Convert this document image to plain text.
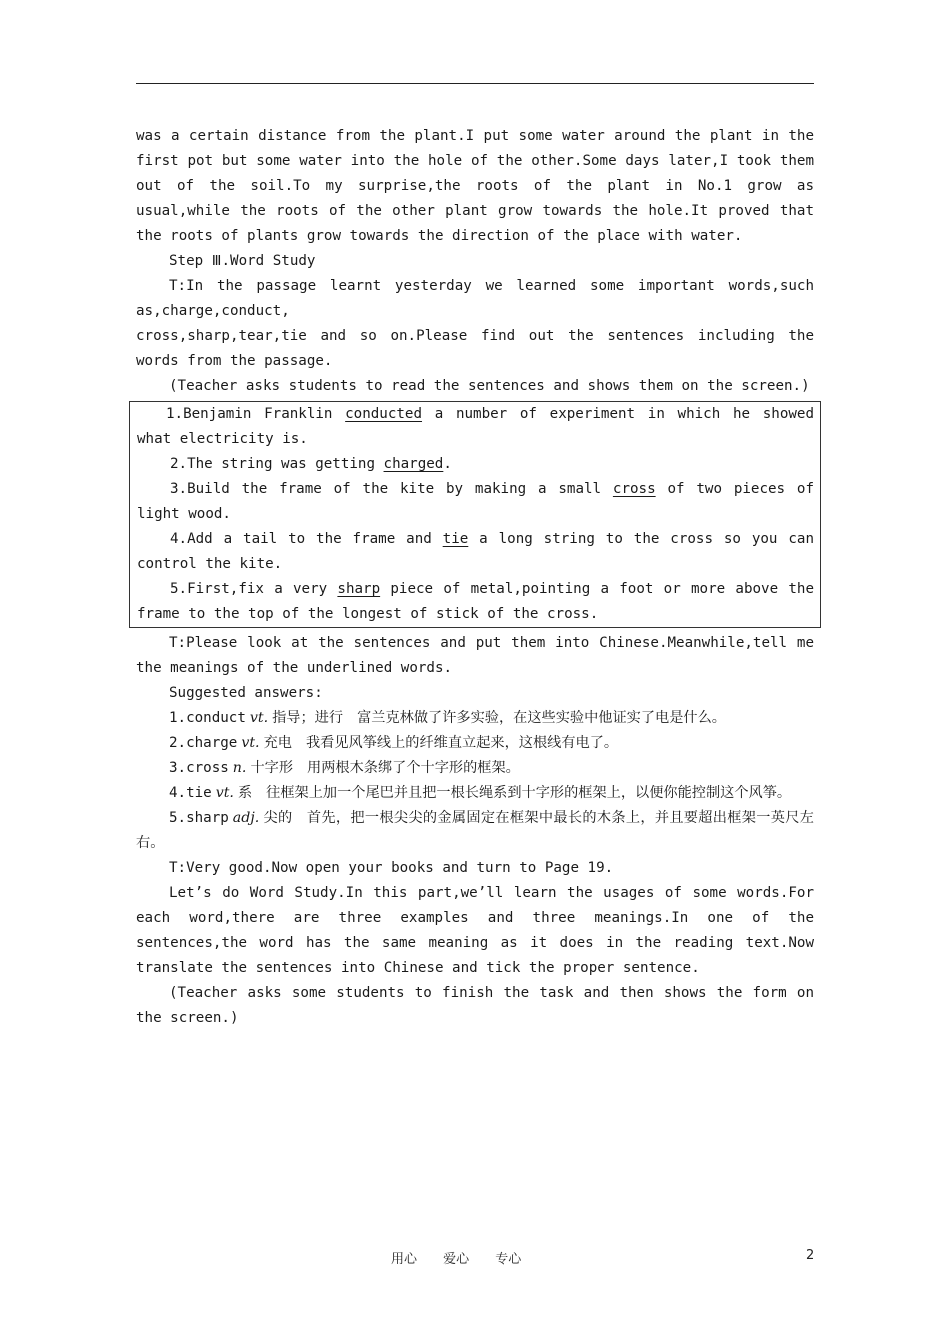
was a certain distance from the plant.I put some water around the plant in the first pot but some water into the hole of the other.Some days later,I took them out of the soil.To my surprise,the roots of the plant in No.1 grow as usual,while the roots of the other plant grow towards the hole.It proved that the roots of plants grow towards the direction of the place with water.

Step Ⅲ.Word Study

T:In the passage learnt yesterday we learned some important words,such as,charge,conduct,

cross,sharp,tear,tie and so on.Please find out the sentences including the words from the passage.

(Teacher asks students to read the sentences and shows them on the screen.)

1.Benjamin Franklin conducted a number of experiment in which he showed what electricity is.

2.The string was getting charged.

3.Build the frame of the kite by making a small cross of two pieces of light wood.

4.Add a tail to the frame and tie a long string to the cross so you can control the kite.

5.First,fix a very sharp piece of metal,pointing a foot or more above the frame to the top of the longest of stick of the cross.

T:Please look at the sentences and put them into Chinese.Meanwhile,tell me the meanings of the underlined words.

Suggested answers:

1.conduct vt. 指导；进行 富兰克林做了许多实验，在这些实验中他证实了电是什么。

2.charge vt. 充电 我看见风筝线上的纤维直立起来，这根线有电了。

3.cross n. 十字形 用两根木条绑了个十字形的框架。

4.tie vt. 系 往框架上加一个尾巴并且把一根长绳系到十字形的框架上，以便你能控制这个风筝。

5.sharp adj. 尖的 首先，把一根尖尖的金属固定在框架中最长的木条上，并且要超出框架一英尺左右。

T:Very good.Now open your books and turn to Page 19.

Let’s do Word Study.In this part,we’ll learn the usages of some words.For each word,there are three examples and three meanings.In one of the sentences,the word has the same meaning as it does in the reading text.Now translate the sentences into Chinese and tick the proper sentence.

(Teacher asks some students to finish the task and then shows the form on the screen.)

用心 爱心 专心	2
